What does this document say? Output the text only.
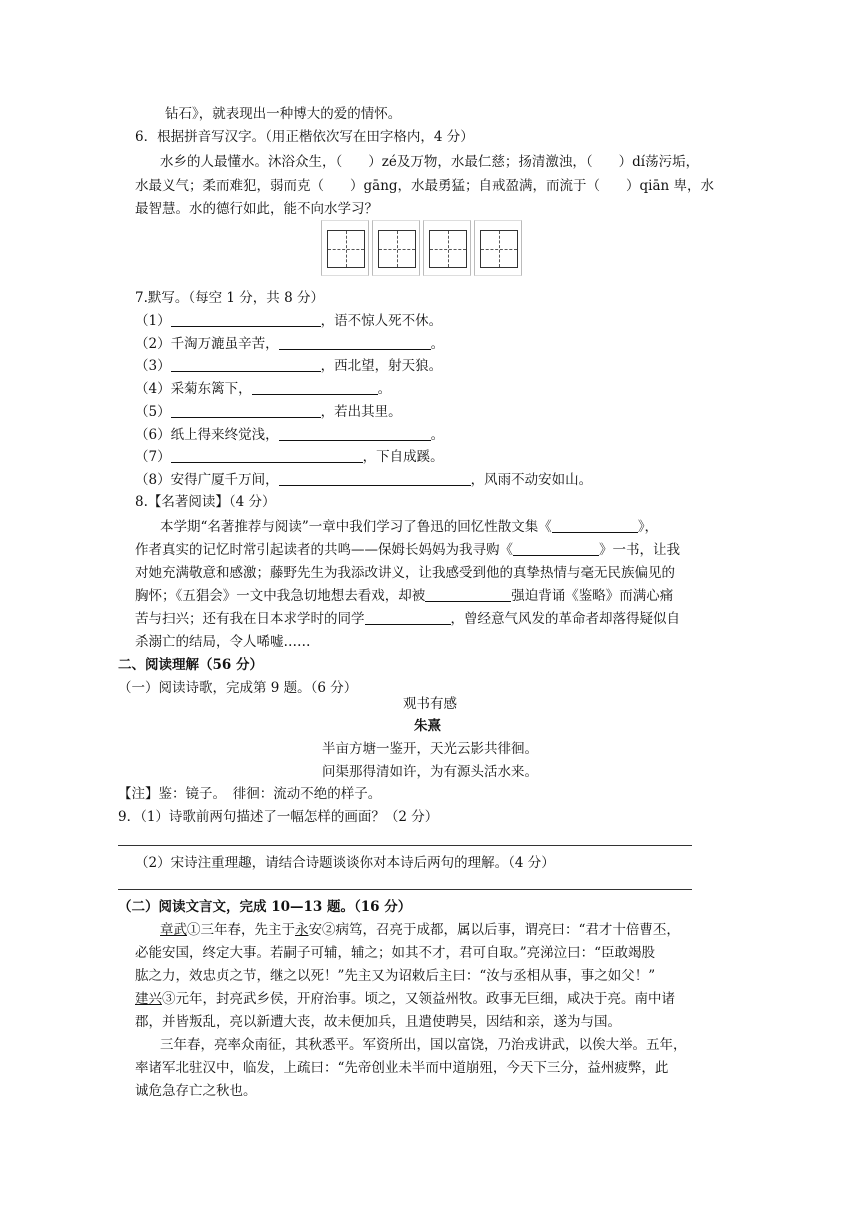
钻石》，就表现出一种博大的爱的情怀。
6．根据拼音写汉字。（用正楷依次写在田字格内，4 分）
水乡的人最懂水。沐浴众生，（ ）zé及万物，水最仁慈；扬清激浊，（ ）dí荡污垢，
水最义气；柔而难犯，弱而克（ ）gāng，水最勇猛；自戒盈满，而流于（ ）qiān 卑，水
最智慧。水的德行如此，能不向水学习？
7.默写。（每空 1 分，共 8 分）
（1）	，语不惊人死不休。
（2）千淘万漉虽辛苦，	。
（3）	，西北望，射天狼。
（4）采菊东篱下，	。
（5）	，若出其里。
（6）纸上得来终觉浅，	。
（7）	，下自成蹊。
（8）安得广厦千万间，	，风雨不动安如山。
8.【名著阅读】（4 分）
本学期“名著推荐与阅读”一章中我们学习了鲁迅的回忆性散文集《	》，
作者真实的记忆时常引起读者的共鸣——保姆长妈妈为我寻购《	》一书，让我
对她充满敬意和感激；藤野先生为我添改讲义，让我感受到他的真挚热情与毫无民族偏见的
胸怀；《五猖会》一文中我急切地想去看戏，却被	强迫背诵《鉴略》而满心痛
苦与扫兴；还有我在日本求学时的同学	，曾经意气风发的革命者却落得疑似自
杀溺亡的结局，令人唏嘘……
二、阅读理解（56 分）
（一）阅读诗歌，完成第 9 题。（6 分）
观书有感
朱熹
半亩方塘一鉴开，天光云影共徘徊。
问渠那得清如许，为有源头活水来。
【注】鉴：镜子。　徘徊：流动不绝的样子。
9．（1）诗歌前两句描述了一幅怎样的画面？（2 分）
（2）宋诗注重理趣，请结合诗题谈谈你对本诗后两句的理解。（4 分）
（二）阅读文言文，完成 10—13 题。（16 分）
章武①三年春，先主于永安②病笃，召亮于成都，属以后事，谓亮曰：“君才十倍曹丕，
必能安国，终定大事。若嗣子可辅，辅之；如其不才，君可自取。”亮涕泣曰：“臣敢竭股
肱之力，效忠贞之节，继之以死！”先主又为诏敕后主曰：“汝与丞相从事，事之如父！”
建兴③元年，封亮武乡侯，开府治事。顷之，又领益州牧。政事无巨细，咸决于亮。南中诸
郡，并皆叛乱，亮以新遭大丧，故未便加兵，且遣使聘吴，因结和亲，遂为与国。
三年春，亮率众南征，其秋悉平。军资所出，国以富饶，乃治戎讲武，以俟大举。五年，
率诸军北驻汉中，临发，上疏曰：“先帝创业未半而中道崩殂，今天下三分，益州疲弊，此
诚危急存亡之秋也。
